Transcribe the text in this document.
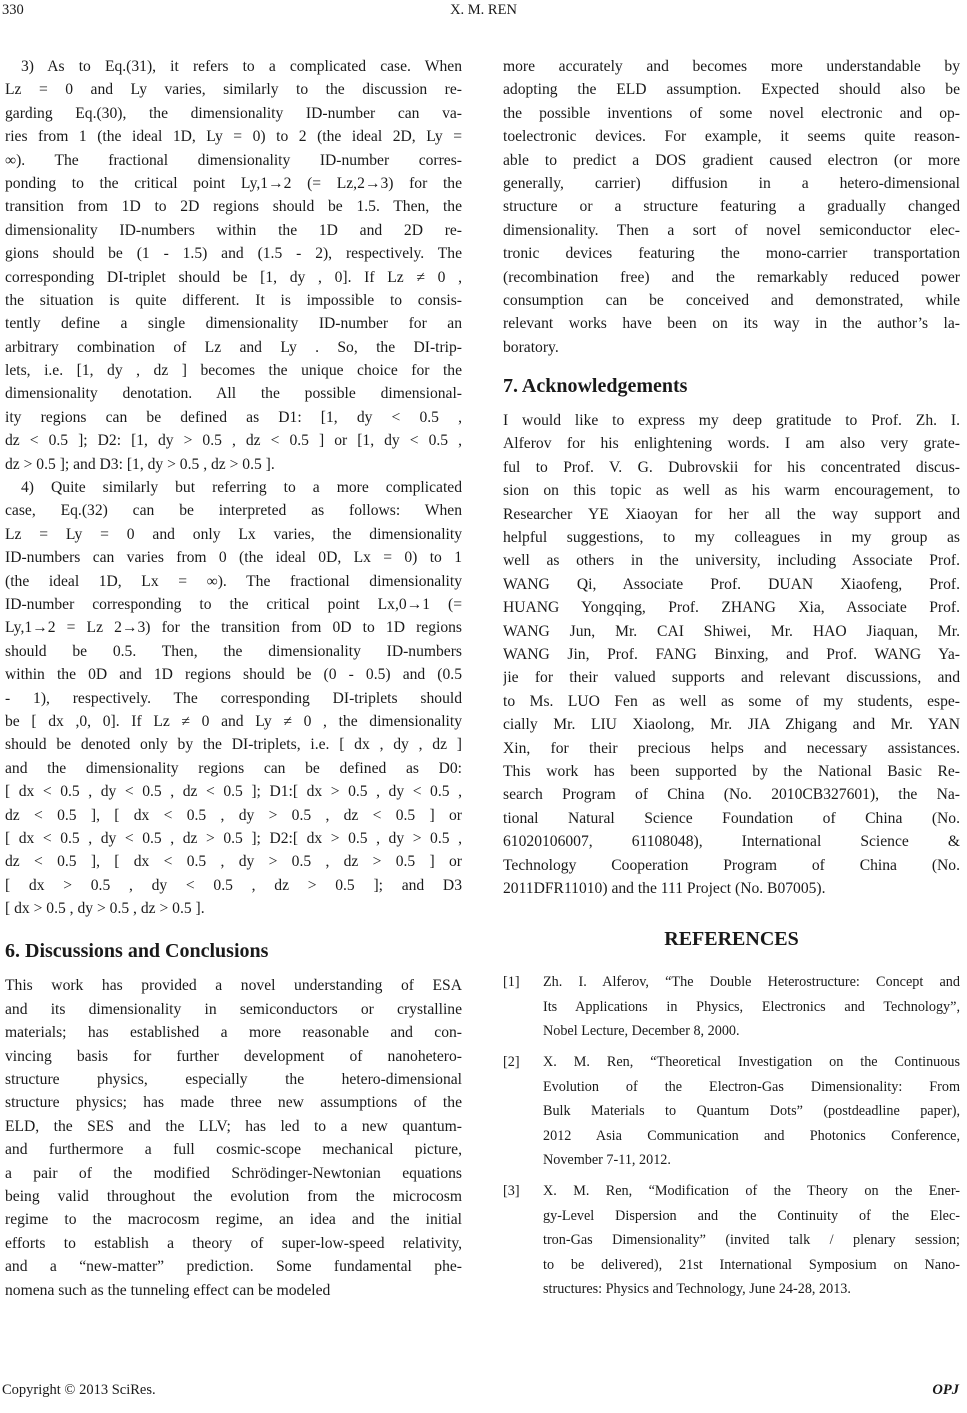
330	X. M. REN
3) As to Eq.(31), it refers to a complicated case. When
Lz = 0 and Ly varies, similarly to the discussion re-
garding Eq.(30), the dimensionality ID-number can va-
ries from 1 (the ideal 1D, Ly = 0) to 2 (the ideal 2D, Ly =
∞). The fractional dimensionality ID-number corres-
ponding to the critical point Ly,1→2 (= Lz,2→3) for the
transition from 1D to 2D regions should be 1.5. Then, the
dimensionality ID-numbers within the 1D and 2D re-
gions should be (1 - 1.5) and (1.5 - 2), respectively. The
corresponding DI-triplet should be [1, dy , 0]. If Lz ≠ 0 ,
the situation is quite different. It is impossible to consis-
tently define a single dimensionality ID-number for an
arbitrary combination of Lz and Ly . So, the DI-trip-
lets, i.e. [1, dy , dz ] becomes the unique choice for the
dimensionality denotation. All the possible dimensional-
ity regions can be defined as D1: [1, dy < 0.5 ,
dz < 0.5 ]; D2: [1, dy > 0.5 , dz < 0.5 ] or [1, dy < 0.5 ,
dz > 0.5 ]; and D3: [1, dy > 0.5 , dz > 0.5 ].
4) Quite similarly but referring to a more complicated
case, Eq.(32) can be interpreted as follows: When
Lz = Ly = 0 and only Lx varies, the dimensionality
ID-numbers can varies from 0 (the ideal 0D, Lx = 0) to 1
(the ideal 1D, Lx = ∞). The fractional dimensionality
ID-number corresponding to the critical point Lx,0→1 (=
Ly,1→2 = Lz 2→3) for the transition from 0D to 1D regions
should be 0.5. Then, the dimensionality ID-numbers
within the 0D and 1D regions should be (0 - 0.5) and (0.5
- 1), respectively. The corresponding DI-triplets should
be [ dx ,0, 0]. If Lz ≠ 0 and Ly ≠ 0 , the dimensionality
should be denoted only by the DI-triplets, i.e. [ dx , dy , dz ]
and the dimensionality regions can be defined as D0:
[ dx < 0.5 , dy < 0.5 , dz < 0.5 ]; D1:[ dx > 0.5 , dy < 0.5 ,
dz < 0.5 ], [ dx < 0.5 , dy > 0.5 , dz < 0.5 ] or
[ dx < 0.5 , dy < 0.5 , dz > 0.5 ]; D2:[ dx > 0.5 , dy > 0.5 ,
dz < 0.5 ], [ dx < 0.5 , dy > 0.5 , dz > 0.5 ] or
[ dx > 0.5 , dy < 0.5 , dz > 0.5 ]; and D3
[ dx > 0.5 , dy > 0.5 , dz > 0.5 ].
6. Discussions and Conclusions
This work has provided a novel understanding of ESA
and its dimensionality in semiconductors or crystalline
materials; has established a more reasonable and con-
vincing basis for further development of nanohetero-
structure physics, especially the hetero-dimensional
structure physics; has made three new assumptions of the
ELD, the SES and the LLV; has led to a new quantum-
and furthermore a full cosmic-scope mechanical picture,
a pair of the modified Schrödinger-Newtonian equations
being valid throughout the evolution from the microcosm
regime to the macrocosm regime, an idea and the initial
efforts to establish a theory of super-low-speed relativity,
and a “new-matter” prediction. Some fundamental phe-
nomena such as the tunneling effect can be modeled
more accurately and becomes more understandable by
adopting the ELD assumption. Expected should also be
the possible inventions of some novel electronic and op-
toelectronic devices. For example, it seems quite reason-
able to predict a DOS gradient caused electron (or more
generally, carrier) diffusion in a hetero-dimensional
structure or a structure featuring a gradually changed
dimensionality. Then a sort of novel semiconductor elec-
tronic devices featuring the mono-carrier transportation
(recombination free) and the remarkably reduced power
consumption can be conceived and demonstrated, while
relevant works have been on its way in the author’s la-
boratory.
7. Acknowledgements
I would like to express my deep gratitude to Prof. Zh. I.
Alferov for his enlightening words. I am also very grate-
ful to Prof. V. G. Dubrovskii for his concentrated discus-
sion on this topic as well as his warm encouragement, to
Researcher YE Xiaoyan for her all the way support and
helpful suggestions, to my colleagues in my group as
well as others in the university, including Associate Prof.
WANG Qi, Associate Prof. DUAN Xiaofeng, Prof.
HUANG Yongqing, Prof. ZHANG Xia, Associate Prof.
WANG Jun, Mr. CAI Shiwei, Mr. HAO Jiaquan, Mr.
WANG Jin, Prof. FANG Binxing, and Prof. WANG Ya-
jie for their valued supports and relevant discussions, and
to Ms. LUO Fen as well as some of my students, espe-
cially Mr. LIU Xiaolong, Mr. JIA Zhigang and Mr. YAN
Xin, for their precious helps and necessary assistances.
This work has been supported by the National Basic Re-
search Program of China (No. 2010CB327601), the Na-
tional Natural Science Foundation of China (No.
61020106007, 61108048), International Science &
Technology Cooperation Program of China (No.
2011DFR11010) and the 111 Project (No. B07005).
REFERENCES
[1]	Zh. I. Alferov, “The Double Heterostructure: Concept and
Its Applications in Physics, Electronics and Technology”,
Nobel Lecture, December 8, 2000.
[2]	X. M. Ren, “Theoretical Investigation on the Continuous
Evolution of the Electron-Gas Dimensionality: From
Bulk Materials to Quantum Dots” (postdeadline paper),
2012 Asia Communication and Photonics Conference,
November 7-11, 2012.
[3]	X. M. Ren, “Modification of the Theory on the Ener-
gy-Level Dispersion and the Continuity of the Elec-
tron-Gas Dimensionality” (invited talk / plenary session;
to be delivered), 21st International Symposium on Nano-
structures: Physics and Technology, June 24-28, 2013.
Copyright © 2013 SciRes.	OPJ
